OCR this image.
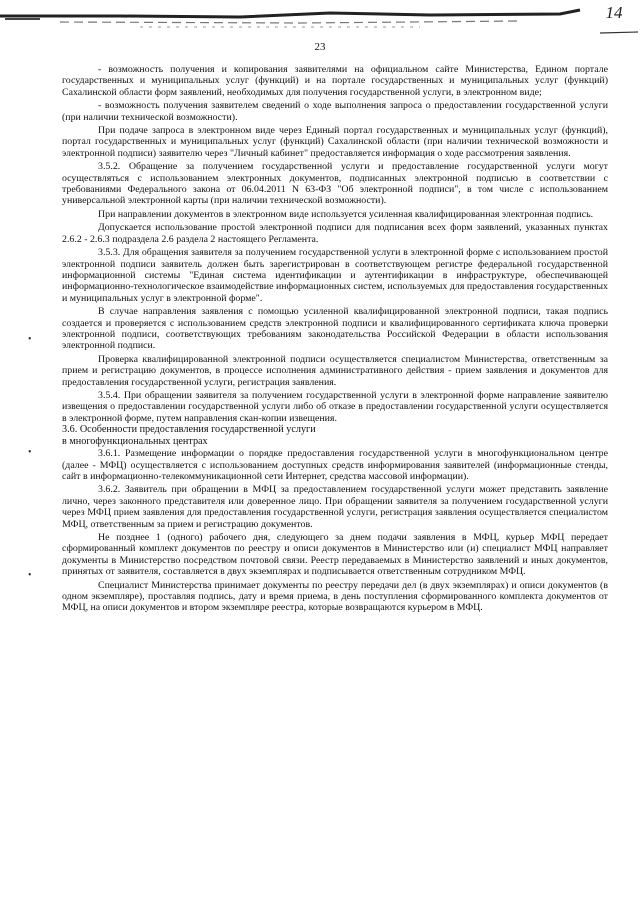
14
23
•
•
•

- возможность получения и копирования заявителями на официальном сайте Министерства, Едином портале государственных и муниципальных услуг (функций) и на портале государственных и муниципальных услуг (функций) Сахалинской области форм заявлений, необходимых для получения государственной услуги, в электронном виде;

- возможность получения заявителем сведений о ходе выполнения запроса о предоставлении государственной услуги (при наличии технической возможности).

При подаче запроса в электронном виде через Единый портал государственных и муниципальных услуг (функций), портал государственных и муниципальных услуг (функций) Сахалинской области (при наличии технической возможности и электронной подписи) заявителю через "Личный кабинет" предоставляется информация о ходе рассмотрения заявления.

3.5.2. Обращение за получением государственной услуги и предоставление государственной услуги могут осуществляться с использованием электронных документов, подписанных электронной подписью в соответствии с требованиями Федерального закона от 06.04.2011 N 63-ФЗ "Об электронной подписи", в том числе с использованием универсальной электронной карты (при наличии технической возможности).

При направлении документов в электронном виде используется усиленная квалифицированная электронная подпись.

Допускается использование простой электронной подписи для подписания всех форм заявлений, указанных пунктах 2.6.2 - 2.6.3 подраздела 2.6 раздела 2 настоящего Регламента.

3.5.3. Для обращения заявителя за получением государственной услуги в электронной форме с использованием простой электронной подписи заявитель должен быть зарегистрирован в соответствующем регистре федеральной государственной информационной системы "Единая система идентификации и аутентификации в инфраструктуре, обеспечивающей информационно-технологическое взаимодействие информационных систем, используемых для предоставления государственных и муниципальных услуг в электронной форме".

В случае направления заявления с помощью усиленной квалифицированной электронной подписи, такая подпись создается и проверяется с использованием средств электронной подписи и квалифицированного сертификата ключа проверки электронной подписи, соответствующих требованиям законодательства Российской Федерации в области использования электронной подписи.

Проверка квалифицированной электронной подписи осуществляется специалистом Министерства, ответственным за прием и регистрацию документов, в процессе исполнения административного действия - прием заявления и документов для предоставления государственной услуги, регистрация заявления.

3.5.4. При обращении заявителя за получением государственной услуги в электронной форме направление заявителю извещения о предоставлении государственной услуги либо об отказе в предоставлении государственной услуги осуществляется в электронной форме, путем направления скан-копии извещения.

3.6. Особенности предоставления государственной услуги
в многофункциональных центрах

3.6.1. Размещение информации о порядке предоставления государственной услуги в многофункциональном центре (далее - МФЦ) осуществляется с использованием доступных средств информирования заявителей (информационные стенды, сайт в информационно-телекоммуникационной сети Интернет, средства массовой информации).

3.6.2. Заявитель при обращении в МФЦ за предоставлением государственной услуги может представить заявление лично, через законного представителя или доверенное лицо. При обращении заявителя за получением государственной услуги через МФЦ прием заявления для предоставления государственной услуги, регистрация заявления осуществляется специалистом МФЦ, ответственным за прием и регистрацию документов.

Не позднее 1 (одного) рабочего дня, следующего за днем подачи заявления в МФЦ, курьер МФЦ передает сформированный комплект документов по реестру и описи документов в Министерство или (и) специалист МФЦ направляет документы в Министерство посредством почтовой связи. Реестр передаваемых в Министерство заявлений и иных документов, принятых от заявителя, составляется в двух экземплярах и подписывается ответственным сотрудником МФЦ.

Специалист Министерства принимает документы по реестру передачи дел (в двух экземплярах) и описи документов (в одном экземпляре), проставляя подпись, дату и время приема, в день поступления сформированного комплекта документов от МФЦ, на описи документов и втором экземпляре реестра, которые возвращаются курьером в МФЦ.
